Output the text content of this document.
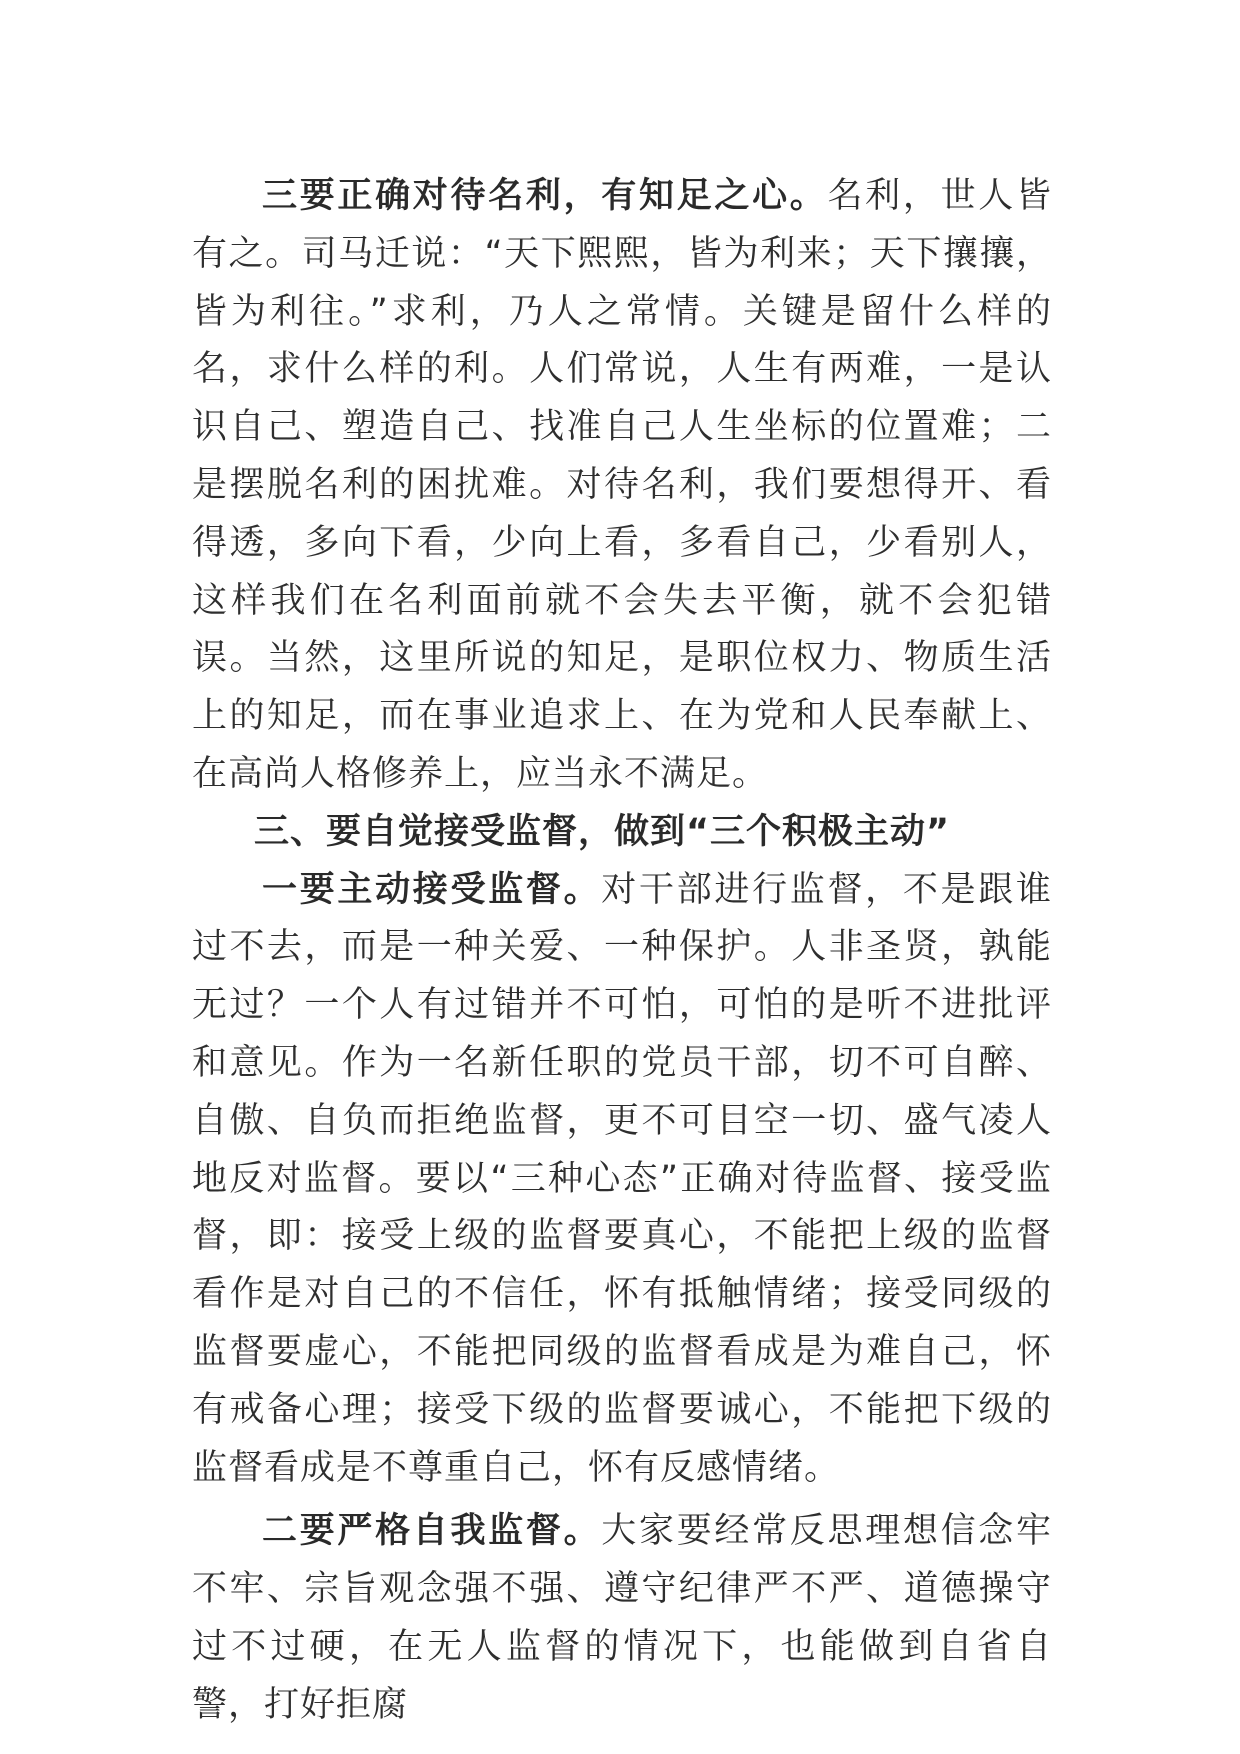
三要正确对待名利，有知足之心。名利，世人皆有之。司马迁说：“天下熙熙，皆为利来；天下攘攘，皆为利往。”求利，乃人之常情。关键是留什么样的名，求什么样的利。人们常说，人生有两难，一是认识自己、塑造自己、找准自己人生坐标的位置难；二是摆脱名利的困扰难。对待名利，我们要想得开、看得透，多向下看，少向上看，多看自己，少看别人，这样我们在名利面前就不会失去平衡，就不会犯错误。当然，这里所说的知足，是职位权力、物质生活上的知足，而在事业追求上、在为党和人民奉献上、在高尚人格修养上，应当永不满足。

三、要自觉接受监督，做到“三个积极主动”

一要主动接受监督。对干部进行监督，不是跟谁过不去，而是一种关爱、一种保护。人非圣贤，孰能无过？一个人有过错并不可怕，可怕的是听不进批评和意见。作为一名新任职的党员干部，切不可自醉、自傲、自负而拒绝监督，更不可目空一切、盛气凌人地反对监督。要以“三种心态”正确对待监督、接受监督，即：接受上级的监督要真心，不能把上级的监督看作是对自己的不信任，怀有抵触情绪；接受同级的监督要虚心，不能把同级的监督看成是为难自己，怀有戒备心理；接受下级的监督要诚心，不能把下级的监督看成是不尊重自己，怀有反感情绪。

二要严格自我监督。大家要经常反思理想信念牢不牢、宗旨观念强不强、遵守纪律严不严、道德操守过不过硬，在无人监督的情况下，也能做到自省自警，打好拒腐
